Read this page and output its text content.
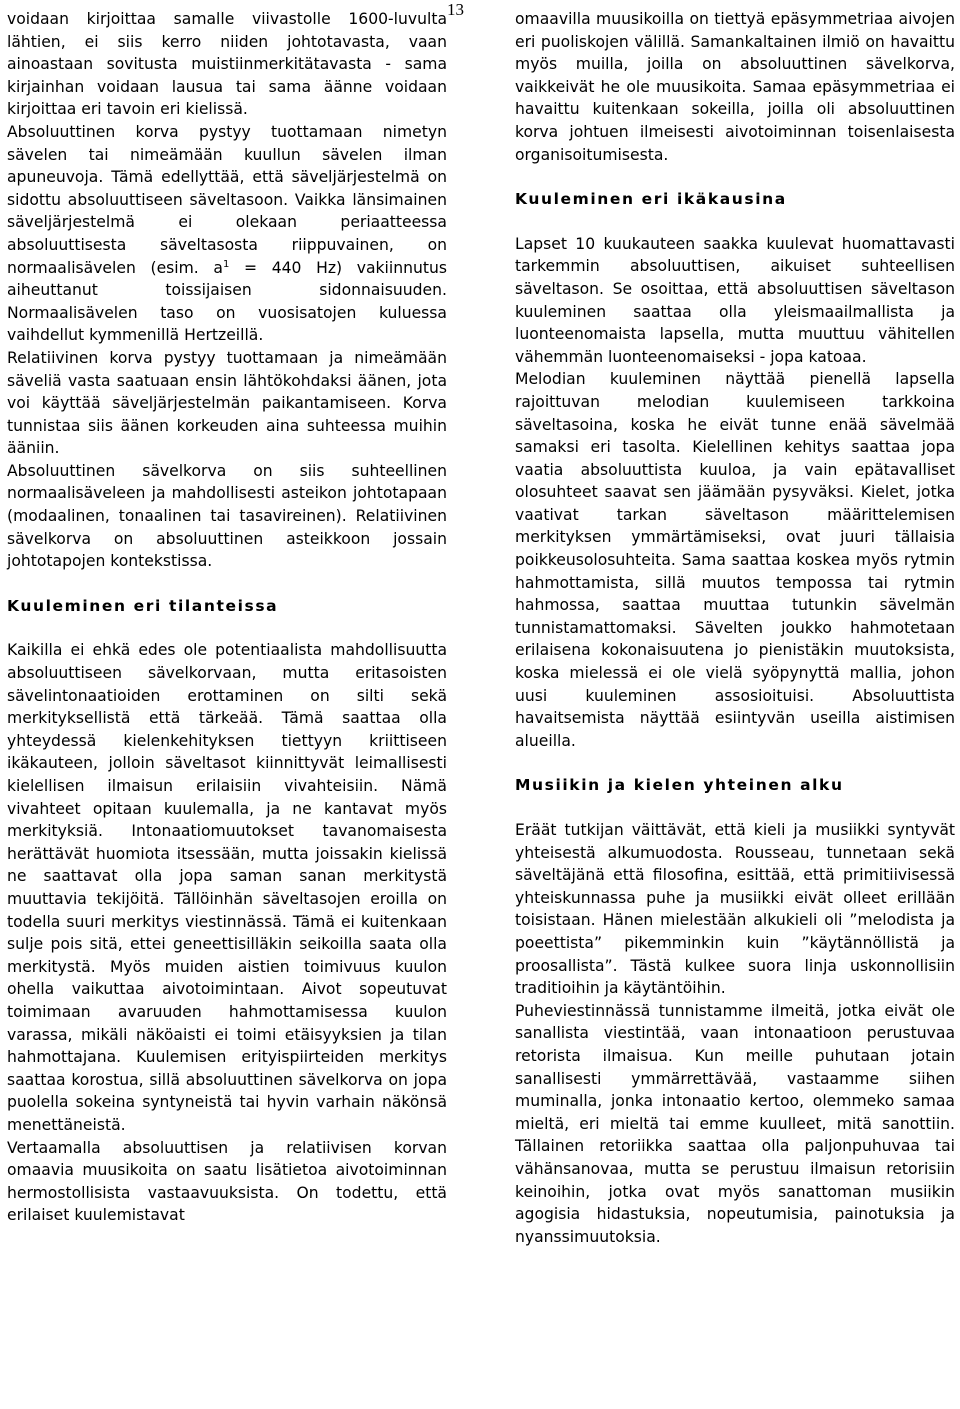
13

voidaan kirjoittaa samalle viivastolle 1600-luvulta lähtien, ei siis kerro niiden johtotavasta, vaan ainoastaan sovitusta muistiinmerkitätavasta - sama kirjainhan voidaan lausua tai sama äänne voidaan kirjoittaa eri tavoin eri kielissä.

Absoluuttinen korva pystyy tuottamaan nimetyn sävelen tai nimeämään kuullun sävelen ilman apuneuvoja. Tämä edellyttää, että säveljärjestelmä on sidottu absoluuttiseen säveltasoon. Vaikka länsimainen säveljärjestelmä ei olekaan periaatteessa absoluuttisesta säveltasosta riippuvainen, on normaalisävelen (esim. $a^1 = 440$ Hz) vakiinnutus aiheuttanut toissijaisen sidonnaisuuden. Normaalisävelen taso on vuosisatojen kuluessa vaihdellut kymmenillä Hertzeillä.

Relatiivinen korva pystyy tuottamaan ja nimeämään säveliä vasta saatuaan ensin lähtökohdaksi äänen, jota voi käyttää säveljärjestelmän paikantamiseen. Korva tunnistaa siis äänen korkeuden aina suhteessa muihin ääniin.

Absoluuttinen sävelkorva on siis suhteellinen normaalisäveleen ja mahdollisesti asteikon johtotapaan (modaalinen, tonaalinen tai tasavireinen). Relatiivinen sävelkorva on absoluuttinen asteikkoon jossain johtotapojen kontekstissa.

Kuuleminen eri tilanteissa

Kaikilla ei ehkä edes ole potentiaalista mahdollisuutta absoluuttiseen sävelkorvaan, mutta eritasoisten sävelintonaatioiden erottaminen on silti sekä merkityksellistä että tärkeää. Tämä saattaa olla yhteydessä kielenkehityksen tiettyyn kriittiseen ikäkauteen, jolloin säveltasot kiinnittyvät leimallisesti kielellisen ilmaisun erilaisiin vivahteisiin. Nämä vivahteet opitaan kuulemalla, ja ne kantavat myös merkityksiä. Intonaatiomuutokset tavanomaisesta herättävät huomiota itsessään, mutta joissakin kielissä ne saattavat olla jopa saman sanan merkitystä muuttavia tekijöitä. Tällöinhän säveltasojen eroilla on todella suuri merkitys viestinnässä. Tämä ei kuitenkaan sulje pois sitä, ettei geneettisilläkin seikoilla saata olla merkitystä. Myös muiden aistien toimivuus kuulon ohella vaikuttaa aivotoimintaan. Aivot sopeutuvat toimimaan avaruuden hahmottamisessa kuulon varassa, mikäli näköaisti ei toimi etäisyyksien ja tilan hahmottajana. Kuulemisen erityispiirteiden merkitys saattaa korostua, sillä absoluuttinen sävelkorva on jopa puolella sokeina syntyneistä tai hyvin varhain näkönsä menettäneistä.

Vertaamalla absoluuttisen ja relatiivisen korvan omaavia muusikoita on saatu lisätietoa aivotoiminnan hermostollisista vastaavuuksista. On todettu, että erilaiset kuulemistavat

omaavilla muusikoilla on tiettyä epäsymmetriaa aivojen eri puoliskojen välillä. Samankaltainen ilmiö on havaittu myös muilla, joilla on absoluuttinen sävelkorva, vaikkeivät he ole muusikoita. Samaa epäsymmetriaa ei havaittu kuitenkaan sokeilla, joilla oli absoluuttinen korva johtuen ilmeisesti aivotoiminnan toisenlaisesta organisoitumisesta.

Kuuleminen eri ikäkausina

Lapset 10 kuukauteen saakka kuulevat huomattavasti tarkemmin absoluuttisen, aikuiset suhteellisen säveltason. Se osoittaa, että absoluuttisen säveltason kuuleminen saattaa olla yleismaailmallista ja luonteenomaista lapsella, mutta muuttuu vähitellen vähemmän luonteenomaiseksi - jopa katoaa.

Melodian kuuleminen näyttää pienellä lapsella rajoittuvan melodian kuulemiseen tarkkoina säveltasoina, koska he eivät tunne enää sävelmää samaksi eri tasolta. Kielellinen kehitys saattaa jopa vaatia absoluuttista kuuloa, ja vain epätavalliset olosuhteet saavat sen jäämään pysyväksi. Kielet, jotka vaativat tarkan säveltason määrittelemisen merkityksen ymmärtämiseksi, ovat juuri tällaisia poikkeusolosuhteita. Sama saattaa koskea myös rytmin hahmottamista, sillä muutos tempossa tai rytmin hahmossa, saattaa muuttaa tutunkin sävelmän tunnistamattomaksi. Sävelten joukko hahmotetaan erilaisena kokonaisuutena jo pienistäkin muutoksista, koska mielessä ei ole vielä syöpynyttä mallia, johon uusi kuuleminen assosioituisi. Absoluuttista havaitsemista näyttää esiintyvän useilla aistimisen alueilla.

Musiikin ja kielen yhteinen alku

Eräät tutkijan väittävät, että kieli ja musiikki syntyvät yhteisestä alkumuodosta. Rousseau, tunnetaan sekä säveltäjänä että filosofina, esittää, että primitiivisessä yhteiskunnassa puhe ja musiikki eivät olleet erillään toisistaan. Hänen mielestään alkukieli oli ”melodista ja poeettista” pikemminkin kuin ”käytännöllistä ja proosallista”. Tästä kulkee suora linja uskonnollisiin traditioihin ja käytäntöihin.

Puheviestinnässä tunnistamme ilmeitä, jotka eivät ole sanallista viestintää, vaan intonaatioon perustuvaa retorista ilmaisua. Kun meille puhutaan jotain sanallisesti ymmärrettävää, vastaamme siihen muminalla, jonka intonaatio kertoo, olemmeko samaa mieltä, eri mieltä tai emme kuulleet, mitä sanottiin. Tällainen retoriikka saattaa olla paljonpuhuvaa tai vähänsanovaa, mutta se perustuu ilmaisun retorisiin keinoihin, jotka ovat myös sanattoman musiikin agogisia hidastuksia, nopeutumisia, painotuksia ja nyanssimuutoksia.
